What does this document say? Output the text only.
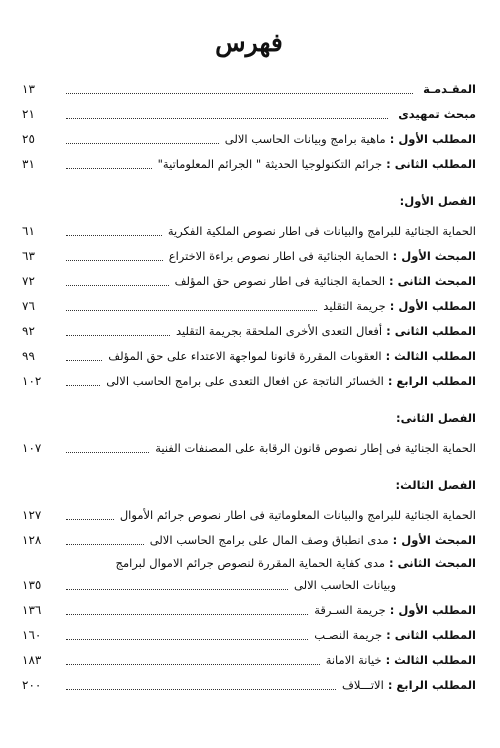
فهرس
المقـدمـة
١٣
مبحث تمهيدى
٢١
المطلب الأول :
ماهية برامج وبيانات الحاسب الالى
٢٥
المطلب الثانى :
جرائم التكنولوجيا الحديثة " الجرائم المعلوماتية"
٣١
الفصل الأول:
الحماية الجنائية للبرامج والبيانات فى اطار نصوص الملكية الفكرية
٦١
المبحث الأول :
الحماية الجنائية فى اطار نصوص براءة الاختراع
٦٣
المبحث الثانى :
الحماية الجنائية فى اطار نصوص حق المؤلف
٧٢
المطلب الأول :
جريمة التقليد
٧٦
المطلب الثانى :
أفعال التعدى الأخرى الملحقة بجريمة التقليد
٩٢
المطلب الثالث :
العقوبات المقررة قانونا لمواجهة الاعتداء على حق المؤلف
٩٩
المطلب الرابع :
الخسائر الناتجة عن افعال التعدى على برامج الحاسب الالى
١٠٢
الفصل الثانى:
الحماية الجنائية فى إطار نصوص قانون الرقابة على المصنفات الفنية
١٠٧
الفصل الثالث:
الحماية الجنائية للبرامج والبيانات المعلوماتية فى اطار نصوص جرائم الأموال
١٢٧
المبحث الأول :
مدى انطباق وصف المال على برامج الحاسب الالى
١٢٨
المبحث الثانى :مدى كفاية الحماية المقررة لنصوص جرائم الاموال لبرامج
وبيانات الحاسب الالى
١٣٥
المطلب الأول :
جريمة السـرقة
١٣٦
المطلب الثانى :
جريمة النصـب
١٦٠
المطلب الثالث :
خيانة الامانة
١٨٣
المطلب الرابع :
الاتـــلاف
٢٠٠
